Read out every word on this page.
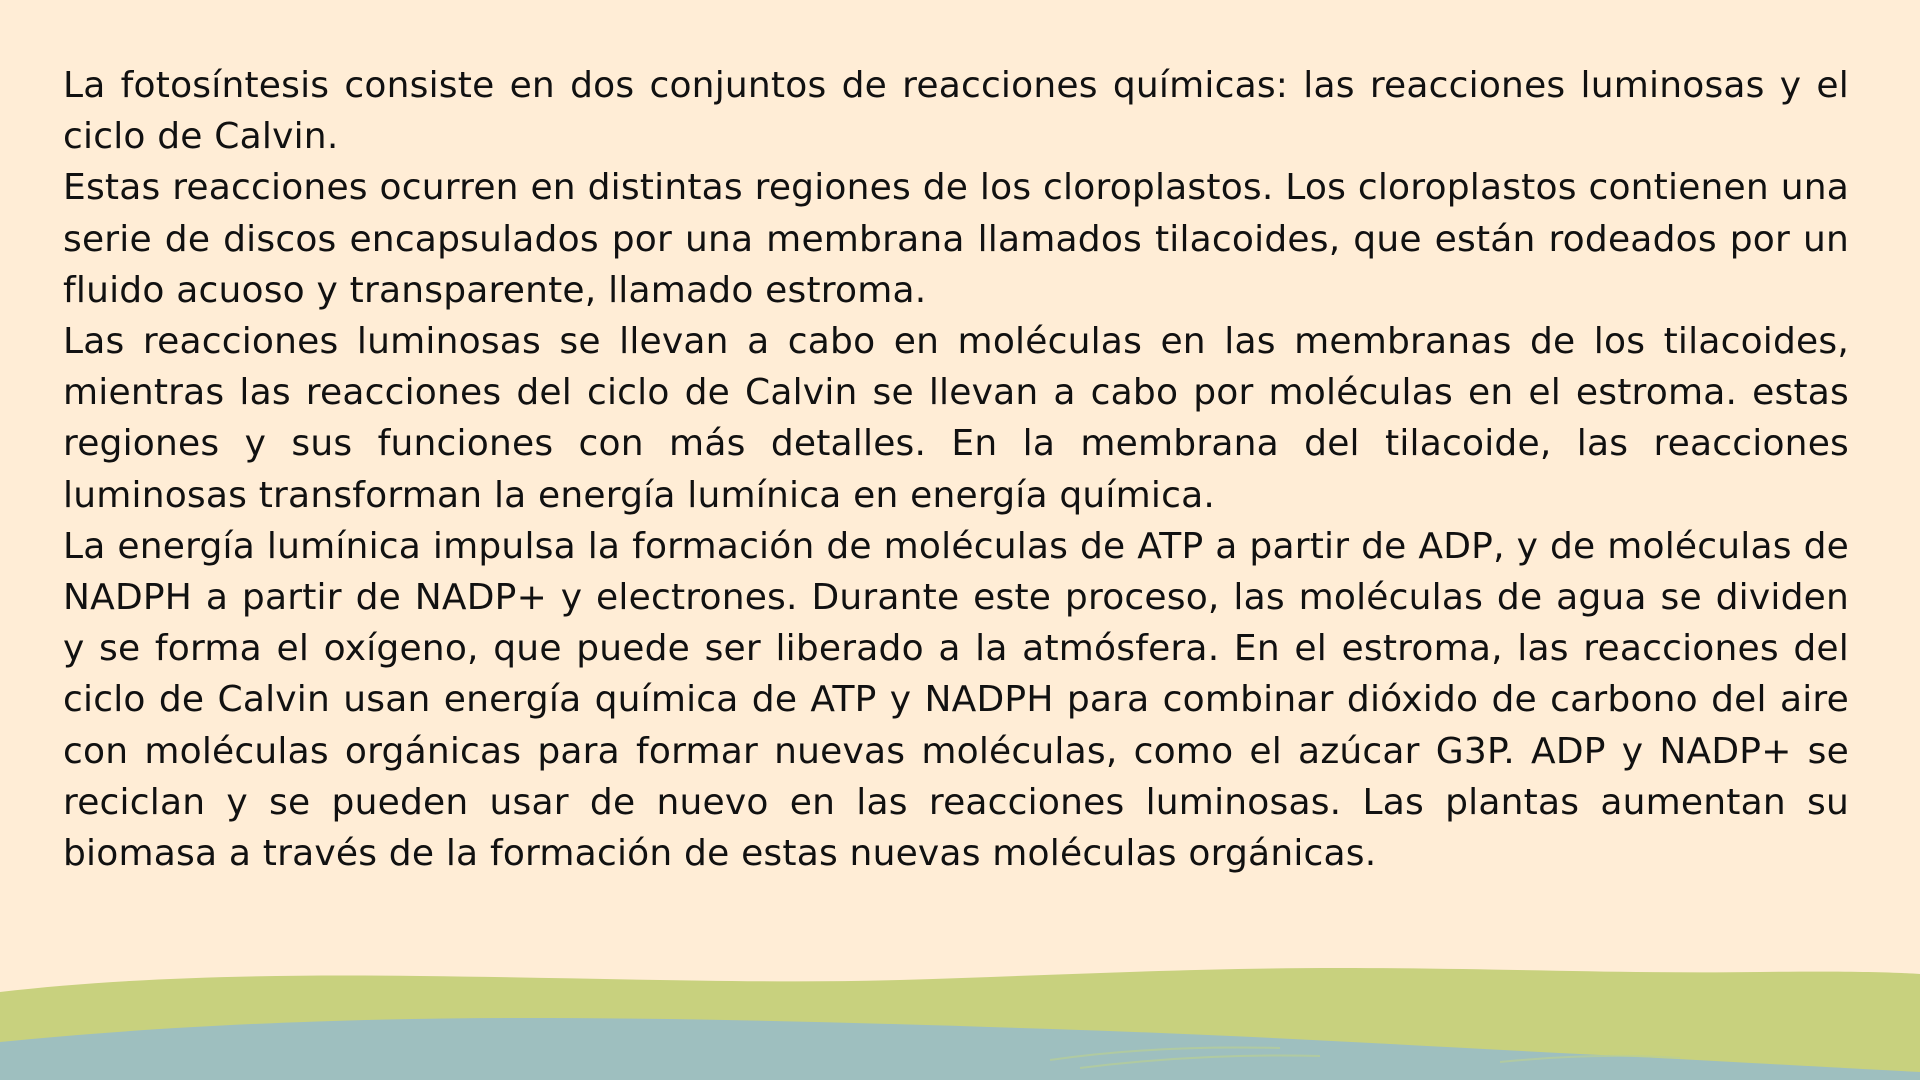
La fotosíntesis consiste en dos conjuntos de reacciones químicas: las reacciones luminosas y el ciclo de Calvin.

Estas reacciones ocurren en distintas regiones de los cloroplastos. Los cloroplastos contienen una serie de discos encapsulados por una membrana llamados tilacoides, que están rodeados por un fluido acuoso y transparente, llamado estroma.

Las reacciones luminosas se llevan a cabo en moléculas en las membranas de los tilacoides, mientras las reacciones del ciclo de Calvin se llevan a cabo por moléculas en el estroma. estas regiones y sus funciones con más detalles. En la membrana del tilacoide, las reacciones luminosas transforman la energía lumínica en energía química.

La energía lumínica impulsa la formación de moléculas de ATP a partir de ADP, y de moléculas de NADPH a partir de NADP+ y electrones. Durante este proceso, las moléculas de agua se dividen y se forma el oxígeno, que puede ser liberado a la atmósfera. En el estroma, las reacciones del ciclo de Calvin usan energía química de ATP y NADPH para combinar dióxido de carbono del aire con moléculas orgánicas para formar nuevas moléculas, como el azúcar G3P. ADP y NADP+ se reciclan y se pueden usar de nuevo en las reacciones luminosas. Las plantas aumentan su biomasa a través de la formación de estas nuevas moléculas orgánicas.
